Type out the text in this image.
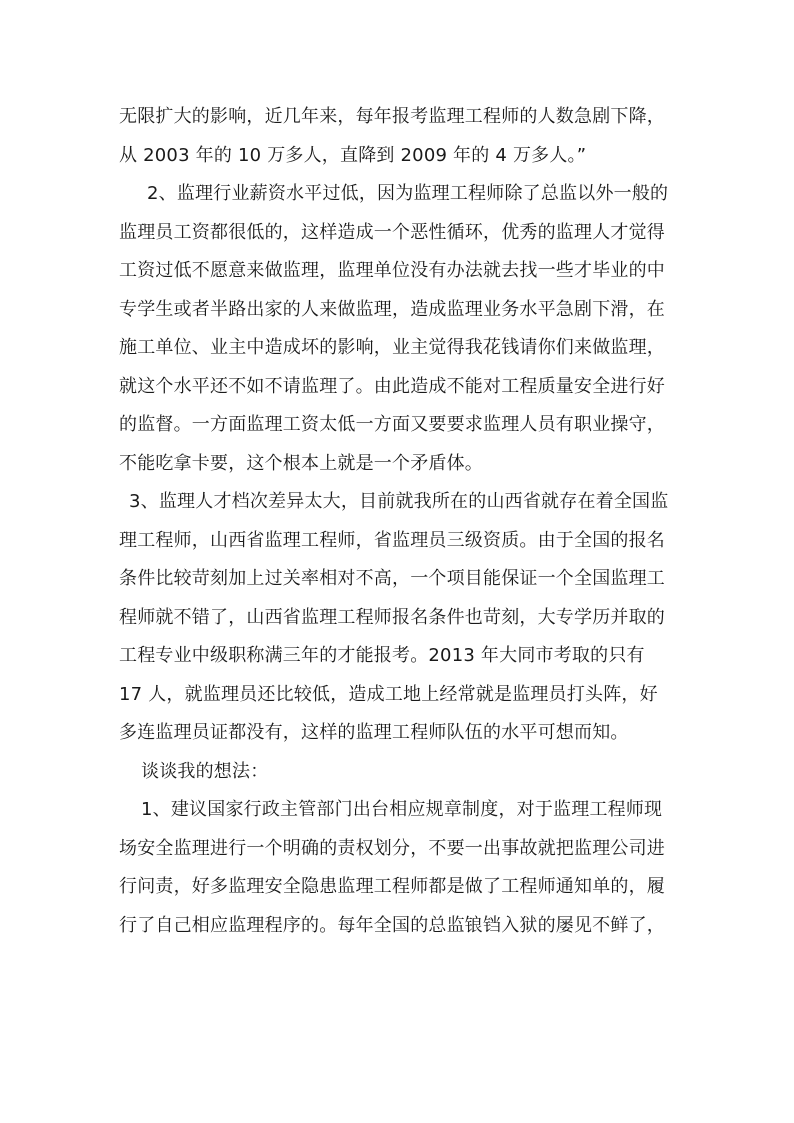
无限扩大的影响，近几年来，每年报考监理工程师的人数急剧下降，
从 2003 年的 10 万多人，直降到 2009 年的 4 万多人。”
2、监理行业薪资水平过低，因为监理工程师除了总监以外一般的
监理员工资都很低的，这样造成一个恶性循环，优秀的监理人才觉得
工资过低不愿意来做监理，监理单位没有办法就去找一些才毕业的中
专学生或者半路出家的人来做监理，造成监理业务水平急剧下滑，在
施工单位、业主中造成坏的影响，业主觉得我花钱请你们来做监理，
就这个水平还不如不请监理了。由此造成不能对工程质量安全进行好
的监督。一方面监理工资太低一方面又要要求监理人员有职业操守，
不能吃拿卡要，这个根本上就是一个矛盾体。
3、监理人才档次差异太大，目前就我所在的山西省就存在着全国监
理工程师，山西省监理工程师，省监理员三级资质。由于全国的报名
条件比较苛刻加上过关率相对不高，一个项目能保证一个全国监理工
程师就不错了，山西省监理工程师报名条件也苛刻，大专学历并取的
工程专业中级职称满三年的才能报考。2013 年大同市考取的只有
17 人，就监理员还比较低，造成工地上经常就是监理员打头阵，好
多连监理员证都没有，这样的监理工程师队伍的水平可想而知。
谈谈我的想法：
1、建议国家行政主管部门出台相应规章制度，对于监理工程师现
场安全监理进行一个明确的责权划分，不要一出事故就把监理公司进
行问责，好多监理安全隐患监理工程师都是做了工程师通知单的，履
行了自己相应监理程序的。每年全国的总监锒铛入狱的屡见不鲜了，
